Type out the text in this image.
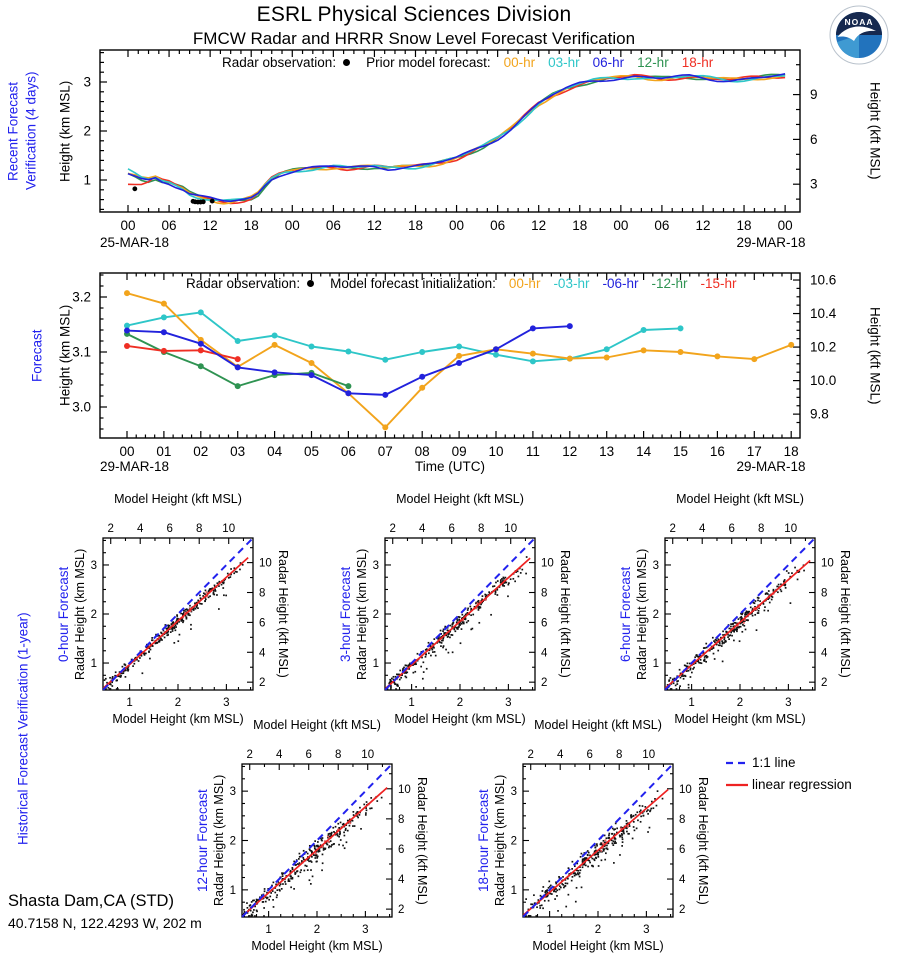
00 06 12 18 00 06 12 18 00 06 12 18 00 06 12 18 00
1
2
3
3
6
9
00 01 02 03 04 05 06 07 08 09 10 11 12 13 14 15 16 17 18
3.0
3.1
3.2
9.8
10.0
10.2
10.4
10.6
1
1
2
2
3
3
2
2
4
4
6
6
8
8
10
10
1
1
2
2
3
3
2
2
4
4
6
6
8
8
10
10
1
1
2
2
3
3
2
2
4
4
6
6
8
8
10
10
1
1
2
2
3
3
2
2
4
4
6
6
8
8
10
10
1
1
2
2
3
3
2
2
4
4
6
6
8
8
10
10
ESRL Physical Sciences Division
FMCW Radar and HRRR Snow Level Forecast Verification
NOAA
Radar observation: Prior model forecast: 00-hr 03-hr 06-hr 12-hr 18-hr
Recent Forecast Verification (4 days) Height (km MSL)	Height (kft MSL)
25-MAR-18	29-MAR-18
Radar observation: Model forecast initialization: 00-hr -03-hr -06-hr -12-hr -15-hr
Forecast Height (km MSL)	Height (kft MSL)
29-MAR-18	Time (UTC)	29-MAR-18
Historical Forecast Verification (1-year)
Model Height (kft MSL)
Model Height (km MSL)
Radar Height (km MSL)	Radar Height (kft MSL)
0-hour Forecast
Model Height (kft MSL)
Model Height (km MSL)
Radar Height (km MSL)	Radar Height (kft MSL)
3-hour Forecast
Model Height (kft MSL)
Model Height (km MSL)
Radar Height (km MSL)	Radar Height (kft MSL)
6-hour Forecast
Model Height (kft MSL)
Model Height (km MSL)
Radar Height (km MSL)	Radar Height (kft MSL)
12-hour Forecast
Model Height (kft MSL)
Model Height (km MSL)
Radar Height (km MSL)	Radar Height (kft MSL)
18-hour Forecast
1:1 line
linear regression
Shasta Dam,CA (STD)
40.7158 N, 122.4293 W, 202 m
